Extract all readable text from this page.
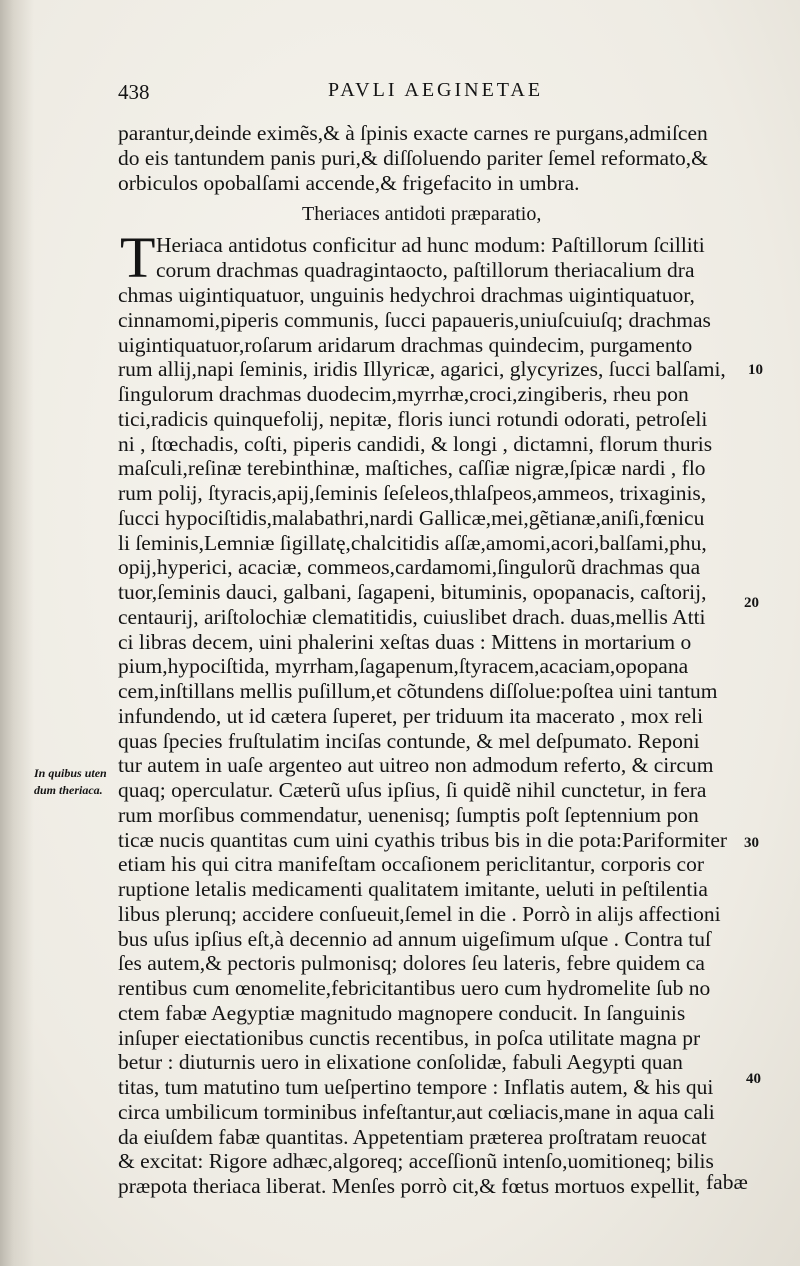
438	PAVLI AEGINETAE
parantur,deinde eximẽs,& à ſpinis exacte carnes re purgans,admiſcen
do eis tantundem panis puri,& diſſoluendo pariter ſemel reformato,&
orbiculos opobalſami accende,& frigefacito in umbra.
Theriaces antidoti præparatio,
T Heriaca antidotus conficitur ad hunc modum: Paſtillorum ſcilliti
corum drachmas quadragintaocto, paſtillorum theriacalium dra
chmas uigintiquatuor, unguinis hedychroi drachmas uigintiquatuor,
cinnamomi,piperis communis, ſucci papaueris,uniuſcuiuſq; drachmas
uigintiquatuor,roſarum aridarum drachmas quindecim, purgamento
rum allij,napi ſeminis, iridis Illyricæ, agarici, glycyrizes, ſucci balſami,
ſingulorum drachmas duodecim,myrrhæ,croci,zingiberis, rheu pon
tici,radicis quinquefolij, nepitæ, floris iunci rotundi odorati, petroſeli
ni , ſtœchadis, coſti, piperis candidi, & longi , dictamni, florum thuris
maſculi,reſinæ terebinthinæ, maſtiches, caſſiæ nigræ,ſpicæ nardi , flo
rum polij, ſtyracis,apij,ſeminis ſeſeleos,thlaſpeos,ammeos, trixaginis,
ſucci hypociſtidis,malabathri,nardi Gallicæ,mei,gẽtianæ,aniſi,fœnicu
li ſeminis,Lemniæ ſigillatę,chalcitidis aſſæ,amomi,acori,balſami,phu,
opij,hyperici, acaciæ, commeos,cardamomi,ſingulorũ drachmas qua
tuor,ſeminis dauci, galbani, ſagapeni, bituminis, opopanacis, caſtorij,
centaurij, ariſtolochiæ clematitidis, cuiuslibet drach. duas,mellis Atti
ci libras decem, uini phalerini xeſtas duas : Mittens in mortarium o
pium,hypociſtida, myrrham,ſagapenum,ſtyracem,acaciam,opopana
cem,inſtillans mellis puſillum,et cõtundens diſſolue:poſtea uini tantum
infundendo, ut id cætera ſuperet, per triduum ita macerato , mox reli
quas ſpecies fruſtulatim inciſas contunde, & mel deſpumato. Reponi
tur autem in uaſe argenteo aut uitreo non admodum referto, & circum
quaq; operculatur. Cæterũ uſus ipſius, ſi quidẽ nihil cunctetur, in fera
rum morſibus commendatur, uenenisq; ſumptis poſt ſeptennium pon
ticæ nucis quantitas cum uini cyathis tribus bis in die pota:Pariformiter
etiam his qui citra manifeſtam occaſionem periclitantur, corporis cor
ruptione letalis medicamenti qualitatem imitante, ueluti in peſtilentia
libus plerunq; accidere conſueuit,ſemel in die . Porrò in alijs affectioni
bus uſus ipſius eſt,à decennio ad annum uigeſimum uſque . Contra tuſ
ſes autem,& pectoris pulmonisq; dolores ſeu lateris, febre quidem ca
rentibus cum œnomelite,febricitantibus uero cum hydromelite ſub no
ctem fabæ Aegyptiæ magnitudo magnopere conducit. In ſanguinis
inſuper eiectationibus cunctis recentibus, in poſca utilitate magna pr
betur : diuturnis uero in elixatione conſolidæ, fabuli Aegypti quan
titas, tum matutino tum ueſpertino tempore : Inflatis autem, & his qui
circa umbilicum torminibus infeſtantur,aut cœliacis,mane in aqua cali
da eiuſdem fabæ quantitas. Appetentiam præterea proſtratam reuocat
& excitat: Rigore adhæc,algoreq; acceſſionũ intenſo,uomitioneq; bilis
præpota theriaca liberat. Menſes porrò cit,& fœtus mortuos expellit, fabæ
10
20
30
40
In quibus uten
dum theriaca.
